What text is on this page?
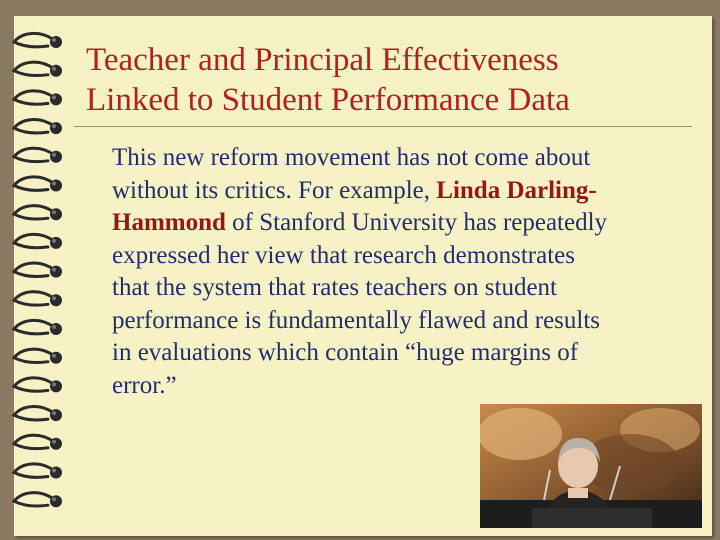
Teacher and Principal Effectiveness
Linked to Student Performance Data
This new reform movement has not come about without its critics. For example, Linda Darling-Hammond of Stanford University has repeatedly expressed her view that research demonstrates that the system that rates teachers on student performance is fundamentally flawed and results in evaluations which contain “huge margins of error.”
